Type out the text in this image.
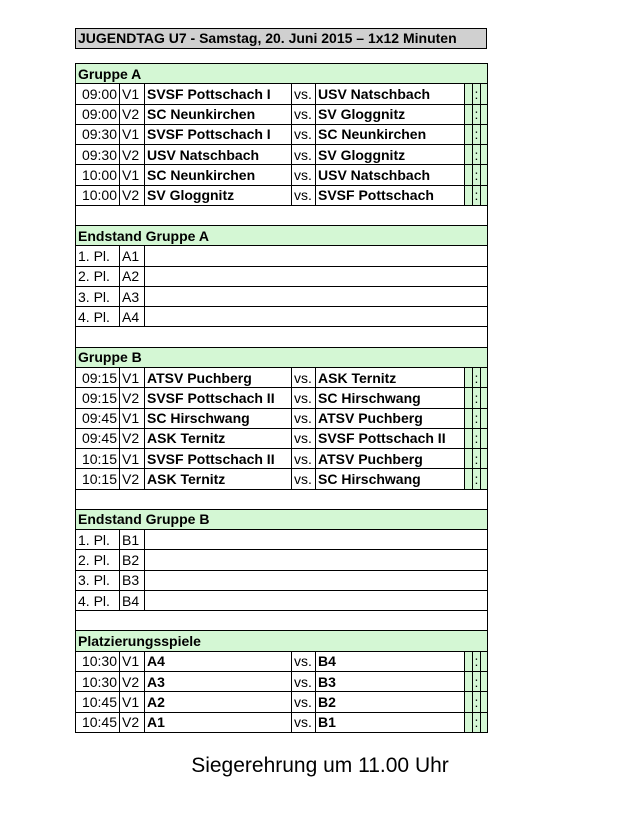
JUGENDTAG U7 - Samstag, 20. Juni 2015 – 1x12 Minuten
Gruppe A							
09:00	V1	SVSF Pottschach I	vs.	USV Natschbach		:	
09:00	V2	SC Neunkirchen	vs.	SV Gloggnitz		:	
09:30	V1	SVSF Pottschach I	vs.	SC Neunkirchen		:	
09:30	V2	USV Natschbach	vs.	SV Gloggnitz		:	
10:00	V1	SC Neunkirchen	vs.	USV Natschbach		:	
10:00	V2	SV Gloggnitz	vs.	SVSF Pottschach		:	

Endstand Gruppe A							
1. Pl.	A1						
2. Pl.	A2						
3. Pl.	A3						
4. Pl.	A4						

Gruppe B							
09:15	V1	ATSV Puchberg	vs.	ASK Ternitz		:	
09:15	V2	SVSF Pottschach II	vs.	SC Hirschwang		:	
09:45	V1	SC Hirschwang	vs.	ATSV Puchberg		:	
09:45	V2	ASK Ternitz	vs.	SVSF Pottschach II		:	
10:15	V1	SVSF Pottschach II	vs.	ATSV Puchberg		:	
10:15	V2	ASK Ternitz	vs.	SC Hirschwang		:	

Endstand Gruppe B							
1. Pl.	B1						
2. Pl.	B2						
3. Pl.	B3						
4. Pl.	B4						

Platzierungsspiele							
10:30	V1	A4	vs.	B4		:	
10:30	V2	A3	vs.	B3		:	
10:45	V1	A2	vs.	B2		:	
10:45	V2	A1	vs.	B1		:	
Siegerehrung um 11.00 Uhr
